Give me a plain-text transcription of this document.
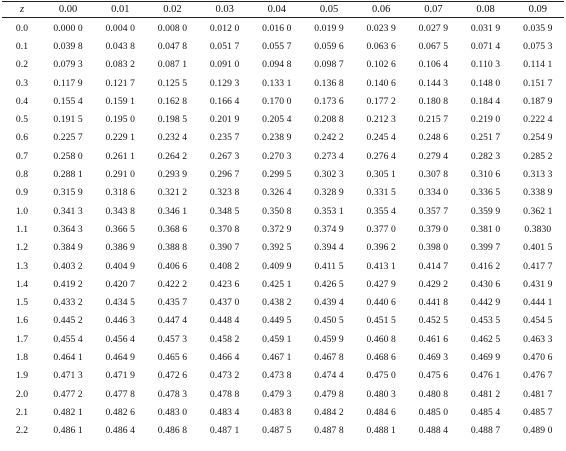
z	0.00	0.01	0.02	0.03	0.04	0.05	0.06	0.07	0.08	0.09

0.0	0.000 0	0.004 0	0.008 0	0.012 0	0.016 0	0.019 9	0.023 9	0.027 9	0.031 9	0.035 9
0.1	0.039 8	0.043 8	0.047 8	0.051 7	0.055 7	0.059 6	0.063 6	0.067 5	0.071 4	0.075 3
0.2	0.079 3	0.083 2	0.087 1	0.091 0	0.094 8	0.098 7	0.102 6	0.106 4	0.110 3	0.114 1
0.3	0.117 9	0.121 7	0.125 5	0.129 3	0.133 1	0.136 8	0.140 6	0.144 3	0.148 0	0.151 7
0.4	0.155 4	0.159 1	0.162 8	0.166 4	0.170 0	0.173 6	0.177 2	0.180 8	0.184 4	0.187 9
0.5	0.191 5	0.195 0	0.198 5	0.201 9	0.205 4	0.208 8	0.212 3	0.215 7	0.219 0	0.222 4
0.6	0.225 7	0.229 1	0.232 4	0.235 7	0.238 9	0.242 2	0.245 4	0.248 6	0.251 7	0.254 9
0.7	0.258 0	0.261 1	0.264 2	0.267 3	0.270 3	0.273 4	0.276 4	0.279 4	0.282 3	0.285 2
0.8	0.288 1	0.291 0	0.293 9	0.296 7	0.299 5	0.302 3	0.305 1	0.307 8	0.310 6	0.313 3
0.9	0.315 9	0.318 6	0.321 2	0.323 8	0.326 4	0.328 9	0.331 5	0.334 0	0.336 5	0.338 9
1.0	0.341 3	0.343 8	0.346 1	0.348 5	0.350 8	0.353 1	0.355 4	0.357 7	0.359 9	0.362 1
1.1	0.364 3	0.366 5	0.368 6	0.370 8	0.372 9	0.374 9	0.377 0	0.379 0	0.381 0	0.3830
1.2	0.384 9	0.386 9	0.388 8	0.390 7	0.392 5	0.394 4	0.396 2	0.398 0	0.399 7	0.401 5
1.3	0.403 2	0.404 9	0.406 6	0.408 2	0.409 9	0.411 5	0.413 1	0.414 7	0.416 2	0.417 7
1.4	0.419 2	0.420 7	0.422 2	0.423 6	0.425 1	0.426 5	0.427 9	0.429 2	0.430 6	0.431 9
1.5	0.433 2	0.434 5	0.435 7	0.437 0	0.438 2	0.439 4	0.440 6	0.441 8	0.442 9	0.444 1
1.6	0.445 2	0.446 3	0.447 4	0.448 4	0.449 5	0.450 5	0.451 5	0.452 5	0.453 5	0.454 5
1.7	0.455 4	0.456 4	0.457 3	0.458 2	0.459 1	0.459 9	0.460 8	0.461 6	0.462 5	0.463 3
1.8	0.464 1	0.464 9	0.465 6	0.466 4	0.467 1	0.467 8	0.468 6	0.469 3	0.469 9	0.470 6
1.9	0.471 3	0.471 9	0.472 6	0.473 2	0.473 8	0.474 4	0.475 0	0.475 6	0.476 1	0.476 7
2.0	0.477 2	0.477 8	0.478 3	0.478 8	0.479 3	0.479 8	0.480 3	0.480 8	0.481 2	0.481 7
2.1	0.482 1	0.482 6	0.483 0	0.483 4	0.483 8	0.484 2	0.484 6	0.485 0	0.485 4	0.485 7
2.2	0.486 1	0.486 4	0.486 8	0.487 1	0.487 5	0.487 8	0.488 1	0.488 4	0.488 7	0.489 0
